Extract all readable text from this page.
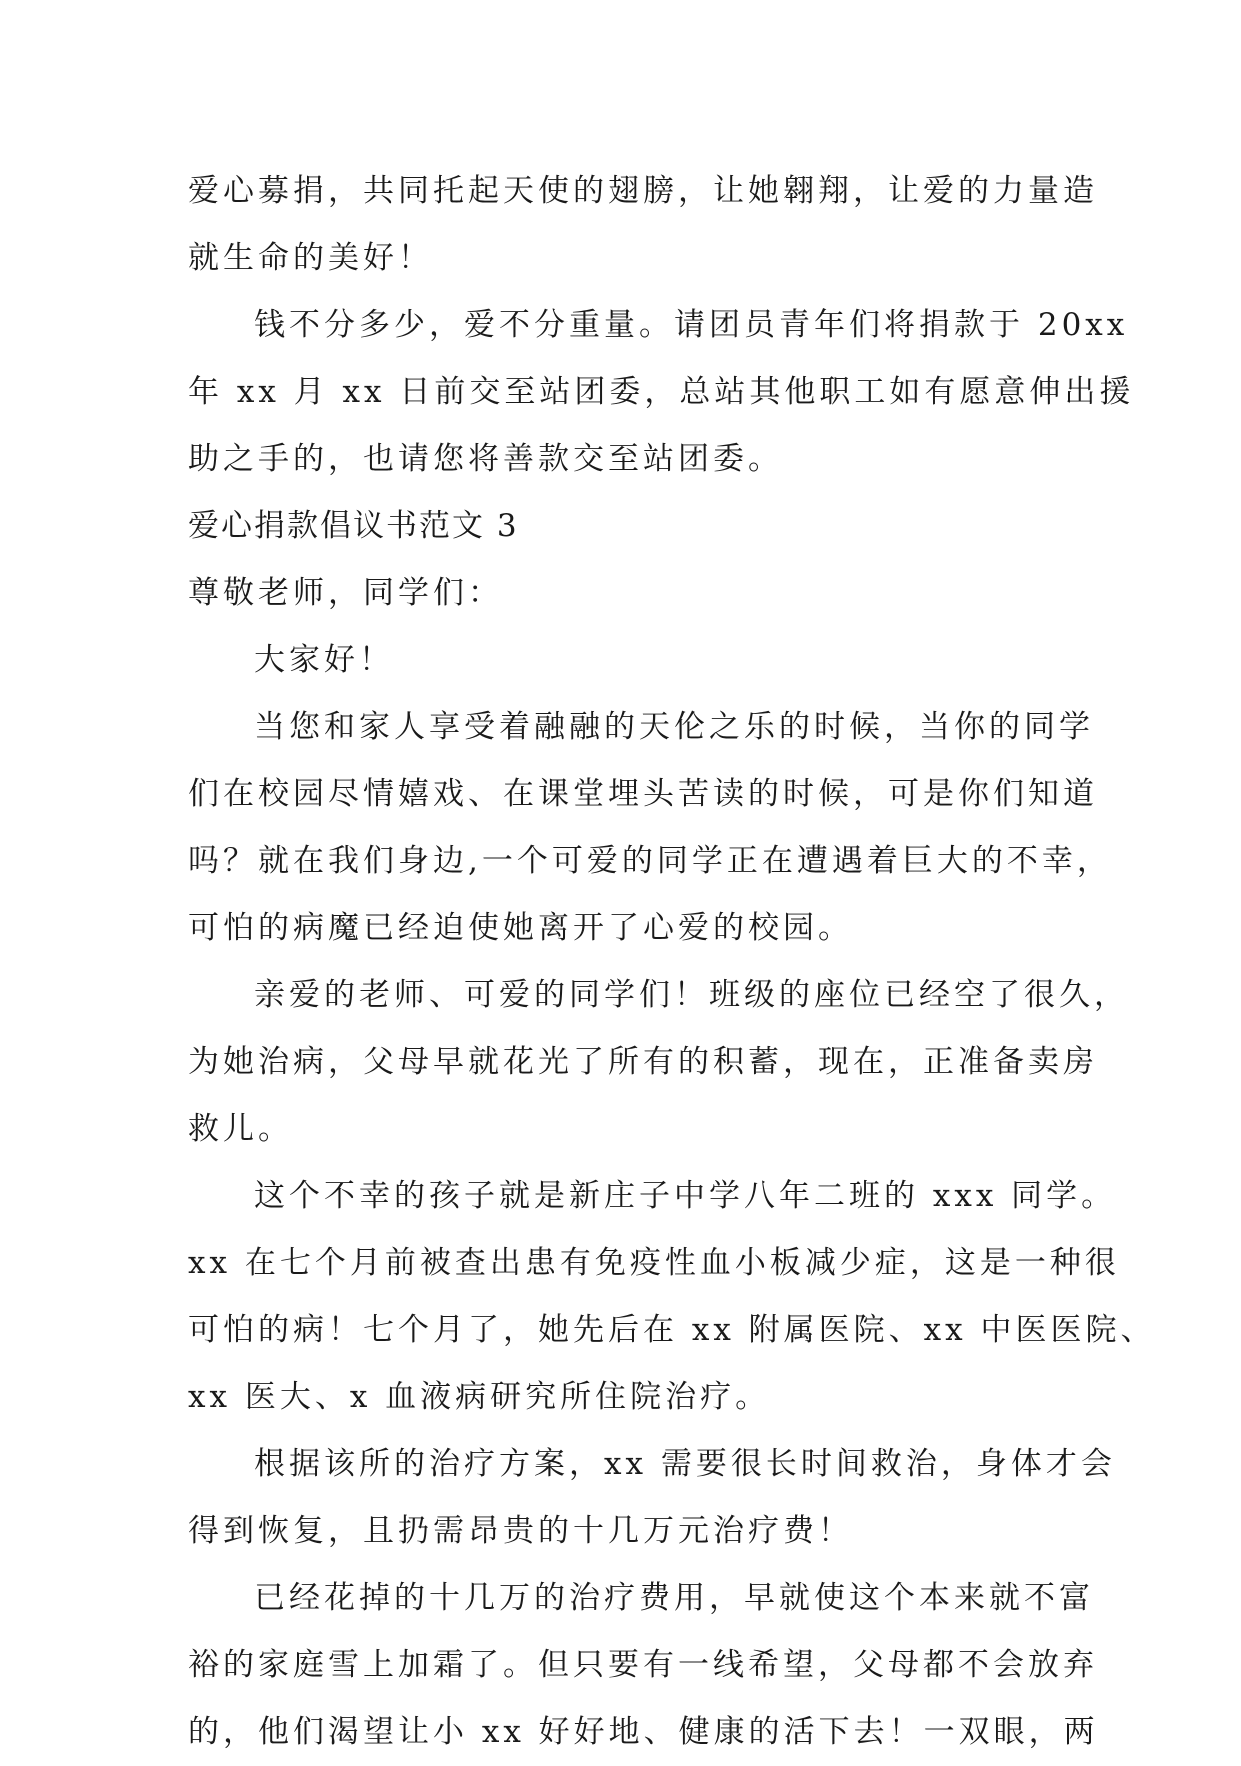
爱心募捐，共同托起天使的翅膀，让她翱翔，让爱的力量造
就生命的美好！
钱不分多少，爱不分重量。请团员青年们将捐款于 20xx
年 xx 月 xx 日前交至站团委，总站其他职工如有愿意伸出援
助之手的，也请您将善款交至站团委。
爱心捐款倡议书范文 3
尊敬老师，同学们：
大家好！
当您和家人享受着融融的天伦之乐的时候，当你的同学
们在校园尽情嬉戏、在课堂埋头苦读的时候，可是你们知道
吗？就在我们身边,一个可爱的同学正在遭遇着巨大的不幸，
可怕的病魔已经迫使她离开了心爱的校园。
亲爱的老师、可爱的同学们！班级的座位已经空了很久，
为她治病，父母早就花光了所有的积蓄，现在，正准备卖房
救儿。
这个不幸的孩子就是新庄子中学八年二班的 xxx 同学。
xx 在七个月前被查出患有免疫性血小板减少症，这是一种很
可怕的病！七个月了，她先后在 xx 附属医院、xx 中医医院、
xx 医大、x 血液病研究所住院治疗。
根据该所的治疗方案，xx 需要很长时间救治，身体才会
得到恢复，且扔需昂贵的十几万元治疗费！
已经花掉的十几万的治疗费用，早就使这个本来就不富
裕的家庭雪上加霜了。但只要有一线希望，父母都不会放弃
的，他们渴望让小 xx 好好地、健康的活下去！一双眼，两
